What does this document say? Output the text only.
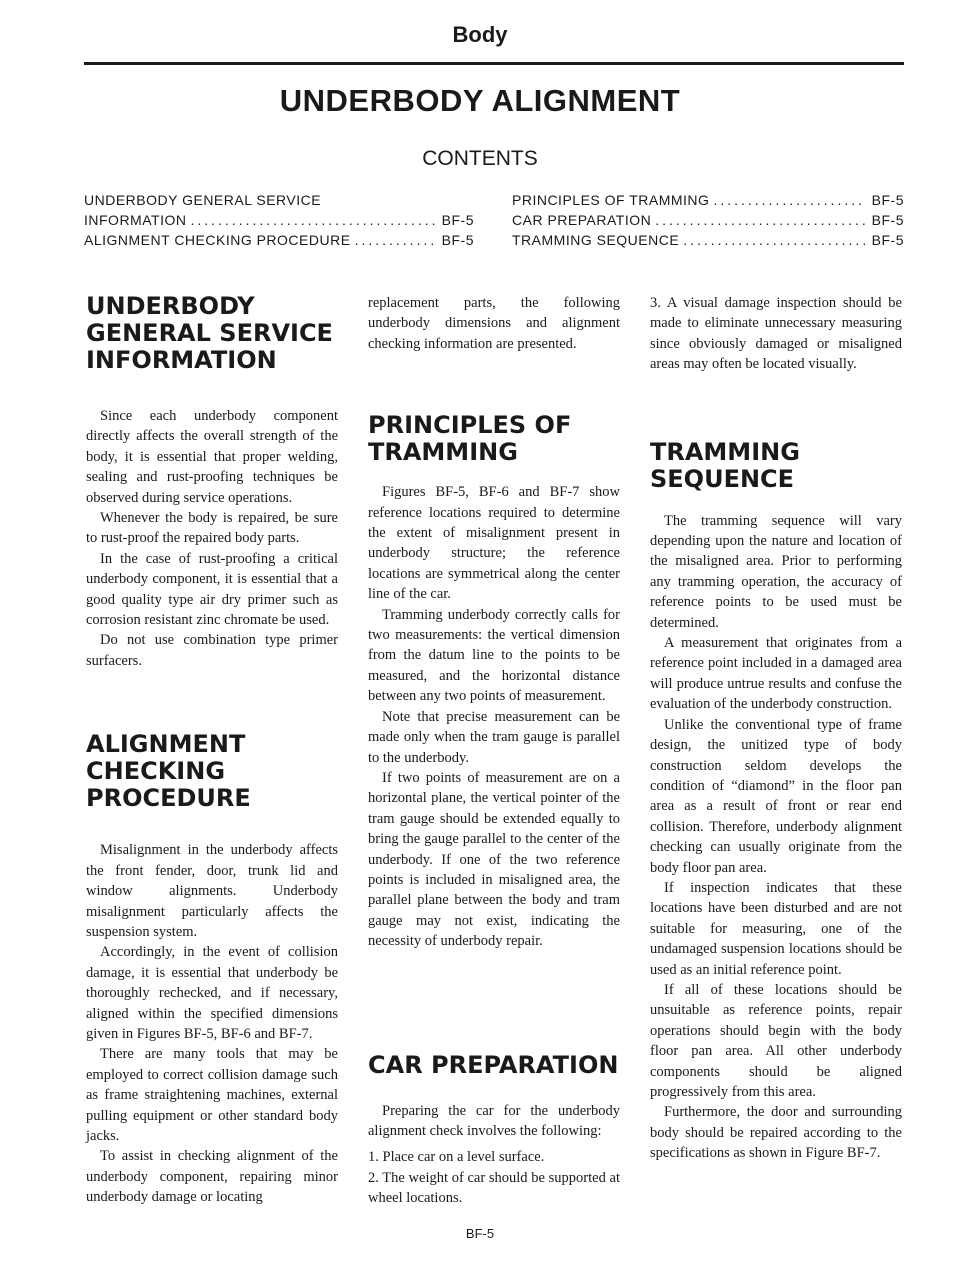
Body
UNDERBODY ALIGNMENT
CONTENTS
UNDERBODY GENERAL SERVICE
INFORMATION .....	BF-5
ALIGNMENT CHECKING PROCEDURE .....	BF-5
PRINCIPLES OF TRAMMING .....	BF-5
CAR PREPARATION .....	BF-5
TRAMMING SEQUENCE .....	BF-5
UNDERBODY
GENERAL SERVICE
INFORMATION

Since each underbody component directly affects the overall strength of the body, it is essential that proper welding, sealing and rust-proofing techniques be observed during service operations.

Whenever the body is repaired, be sure to rust-proof the repaired body parts.

In the case of rust-proofing a critical underbody component, it is essential that a good quality type air dry primer such as corrosion resistant zinc chromate be used.

Do not use combination type primer surfacers.

ALIGNMENT
CHECKING
PROCEDURE

Misalignment in the underbody affects the front fender, door, trunk lid and window alignments. Underbody misalignment particularly affects the suspension system.

Accordingly, in the event of collision damage, it is essential that underbody be thoroughly rechecked, and if necessary, aligned within the specified dimensions given in Figures BF-5, BF-6 and BF-7.

There are many tools that may be employed to correct collision damage such as frame straightening machines, external pulling equipment or other standard body jacks.

To assist in checking alignment of the underbody component, repairing minor underbody damage or locating

replacement parts, the following underbody dimensions and alignment checking information are presented.

PRINCIPLES OF
TRAMMING

Figures BF-5, BF-6 and BF-7 show reference locations required to determine the extent of misalignment present in underbody structure; the reference locations are symmetrical along the center line of the car.

Tramming underbody correctly calls for two measurements: the vertical dimension from the datum line to the points to be measured, and the horizontal distance between any two points of measurement.

Note that precise measurement can be made only when the tram gauge is parallel to the underbody.

If two points of measurement are on a horizontal plane, the vertical pointer of the tram gauge should be extended equally to bring the gauge parallel to the center of the underbody. If one of the two reference points is included in misaligned area, the parallel plane between the body and tram gauge may not exist, indicating the necessity of underbody repair.

CAR PREPARATION

Preparing the car for the underbody alignment check involves the following:

1. Place car on a level surface.

2. The weight of car should be supported at wheel locations.

3. A visual damage inspection should be made to eliminate unnecessary measuring since obviously damaged or misaligned areas may often be located visually.

TRAMMING
SEQUENCE

The tramming sequence will vary depending upon the nature and location of the misaligned area. Prior to performing any tramming operation, the accuracy of reference points to be used must be determined.

A measurement that originates from a reference point included in a damaged area will produce untrue results and confuse the evaluation of the underbody construction.

Unlike the conventional type of frame design, the unitized type of body construction seldom develops the condition of “diamond” in the floor pan area as a result of front or rear end collision. Therefore, underbody alignment checking can usually originate from the body floor pan area.

If inspection indicates that these locations have been disturbed and are not suitable for measuring, one of the undamaged suspension locations should be used as an initial reference point.

If all of these locations should be unsuitable as reference points, repair operations should begin with the body floor pan area. All other underbody components should be aligned progressively from this area.

Furthermore, the door and surrounding body should be repaired according to the specifications as shown in Figure BF-7.

BF-5
